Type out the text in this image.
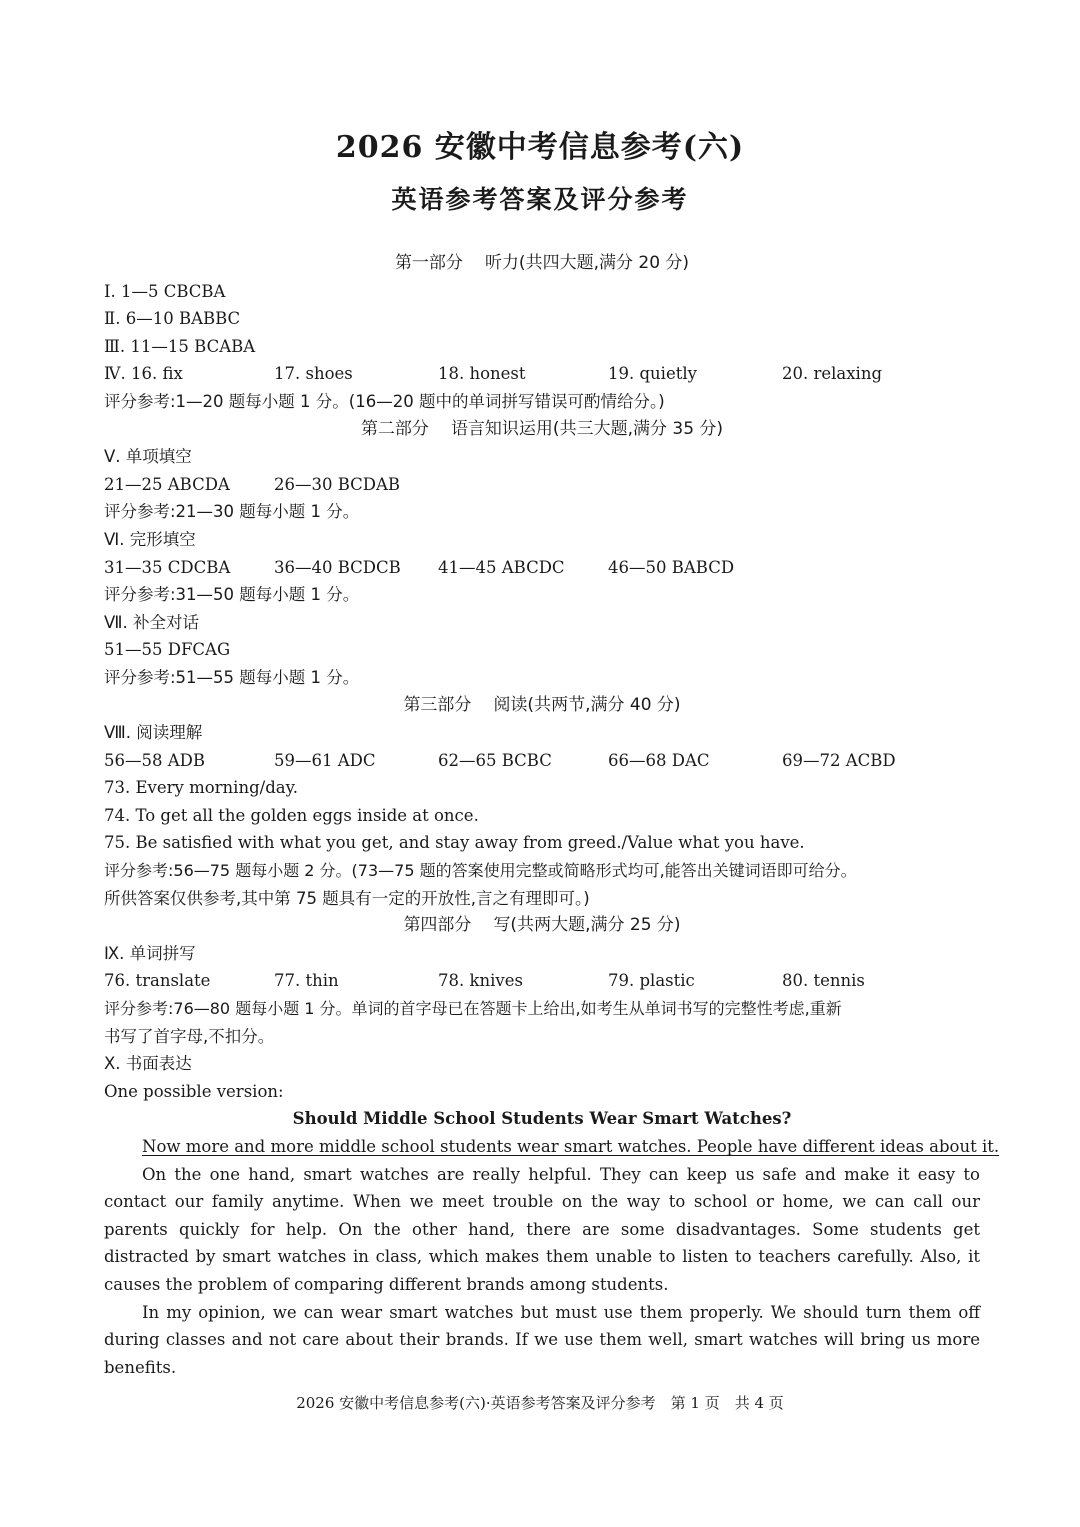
2026 安徽中考信息参考(六)
英语参考答案及评分参考
第一部分 听力(共四大题,满分 20 分)
Ⅰ. 1—5 CBCBA
Ⅱ. 6—10 BABBC
Ⅲ. 11—15 BCABA
Ⅳ. 16. fix	17. shoes	18. honest	19. quietly	20. relaxing
评分参考:1—20 题每小题 1 分。(16—20 题中的单词拼写错误可酌情给分。)
第二部分 语言知识运用(共三大题,满分 35 分)
Ⅴ. 单项填空
21—25 ABCDA	26—30 BCDAB
评分参考:21—30 题每小题 1 分。
Ⅵ. 完形填空
31—35 CDCBA	36—40 BCDCB 41—45 ABCDC	46—50 BABCD
评分参考:31—50 题每小题 1 分。
Ⅶ. 补全对话
51—55 DFCAG
评分参考:51—55 题每小题 1 分。
第三部分 阅读(共两节,满分 40 分)
Ⅷ. 阅读理解
56—58 ADB	59—61 ADC	62—65 BCBC	66—68 DAC	69—72 ACBD
73. Every morning/day.
74. To get all the golden eggs inside at once.
75. Be satisfied with what you get, and stay away from greed./Value what you have.
评分参考:56—75 题每小题 2 分。(73—75 题的答案使用完整或简略形式均可,能答出关键词语即可给分。
所供答案仅供参考,其中第 75 题具有一定的开放性,言之有理即可。)
第四部分 写(共两大题,满分 25 分)
Ⅸ. 单词拼写
76. translate	77. thin	78. knives	79. plastic	80. tennis
评分参考:76—80 题每小题 1 分。单词的首字母已在答题卡上给出,如考生从单词书写的完整性考虑,重新
书写了首字母,不扣分。
Ⅹ. 书面表达
One possible version:
Should Middle School Students Wear Smart Watches?
Now more and more middle school students wear smart watches. People have different ideas about it.

On the one hand, smart watches are really helpful. They can keep us safe and make it easy to contact our family anytime. When we meet trouble on the way to school or home, we can call our parents quickly for help. On the other hand, there are some disadvantages. Some students get distracted by smart watches in class, which makes them unable to listen to teachers carefully. Also, it causes the problem of comparing different brands among students.

In my opinion, we can wear smart watches but must use them properly. We should turn them off during classes and not care about their brands. If we use them well, smart watches will bring us more benefits.

2026 安徽中考信息参考(六)·英语参考答案及评分参考　第 1 页　共 4 页
